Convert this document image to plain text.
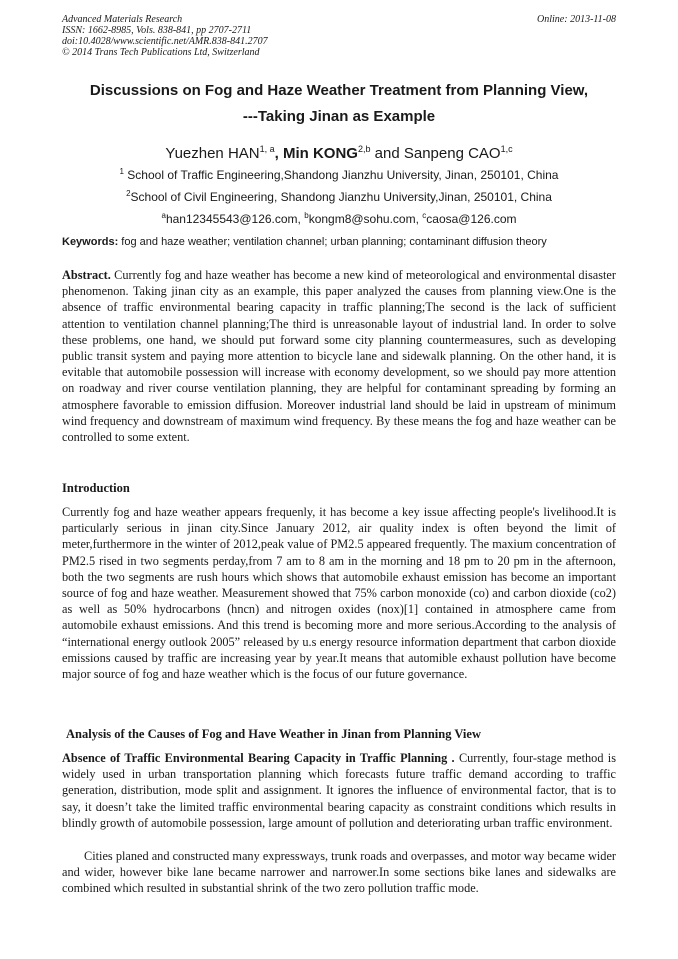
Advanced Materials Research
ISSN: 1662-8985, Vols. 838-841, pp 2707-2711
doi:10.4028/www.scientific.net/AMR.838-841.2707
© 2014 Trans Tech Publications Ltd, Switzerland
Online: 2013-11-08
Discussions on Fog and Haze Weather Treatment from Planning View,
---Taking Jinan as Example
Yuezhen HAN$^{1, a}$, Min KONG$^{2,b}$ and Sanpeng CAO$^{1,c}$
$^1$ School of Traffic Engineering,Shandong Jianzhu University, Jinan, 250101, China
$^2$School of Civil Engineering, Shandong Jianzhu University,Jinan, 250101, China
$^a$han12345543@126.com, $^b$kongm8@sohu.com, $^c$caosa@126.com
Keywords: fog and haze weather; ventilation channel; urban planning; contaminant diffusion theory
Abstract. Currently fog and haze weather has become a new kind of meteorological and environmental disaster phenomenon. Taking jinan city as an example, this paper analyzed the causes from planning view.One is the absence of traffic environmental bearing capacity in traffic planning;The second is the lack of sufficient attention to ventilation channel planning;The third is unreasonable layout of industrial land. In order to solve these problems, one hand, we should put forward some city planning countermeasures, such as developing public transit system and paying more attention to bicycle lane and sidewalk planning. On the other hand, it is evitable that automobile possession will increase with economy development, so we should pay more attention on roadway and river course ventilation planning, they are helpful for contaminant spreading by forming an atmosphere favorable to emission diffusion. Moreover industrial land should be laid in upstream of minimum wind frequency and downstream of maximum wind frequency. By these means the fog and haze weather can be controlled to some extent.
Introduction
Currently fog and haze weather appears frequenly, it has become a key issue affecting people's livelihood.It is particularly serious in jinan city.Since January 2012, air quality index is often beyond the limit of meter,furthermore in the winter of 2012,peak value of PM2.5 appeared frequently. The maxium concentration of PM2.5 rised in two segments perday,from 7 am to 8 am in the morning and 18 pm to 20 pm in the afternoon, both the two segments are rush hours which shows that automobile exhaust emission has become an important source of fog and haze weather. Measurement showed that 75% carbon monoxide (co) and carbon dioxide (co2) as well as 50% hydrocarbons (hncn) and nitrogen oxides (nox)[1] contained in atmosphere came from automobile exhaust emissions. And this trend is becoming more and more serious.According to the analysis of “international energy outlook 2005” released by u.s energy resource information department that carbon dioxide emissions caused by traffic are increasing year by year.It means that automible exhaust pollution have become major source of fog and haze weather which is the focus of our future governance.
Analysis of the Causes of Fog and Have Weather in Jinan from Planning View
Absence of Traffic Environmental Bearing Capacity in Traffic Planning . Currently, four-stage method is widely used in urban transportation planning which forecasts future traffic demand according to traffic generation, distribution, mode split and assignment. It ignores the influence of environmental factor, that is to say, it doesn’t take the limited traffic environmental bearing capacity as constraint conditions which results in blindly growth of automobile possession, large amount of pollution and deteriorating urban traffic environment.
Cities planed and constructed many expressways, trunk roads and overpasses, and motor way became wider and wider, however bike lane became narrower and narrower.In some sections bike lanes and sidewalks are combined which resulted in substantial shrink of the two zero pollution traffic mode.
